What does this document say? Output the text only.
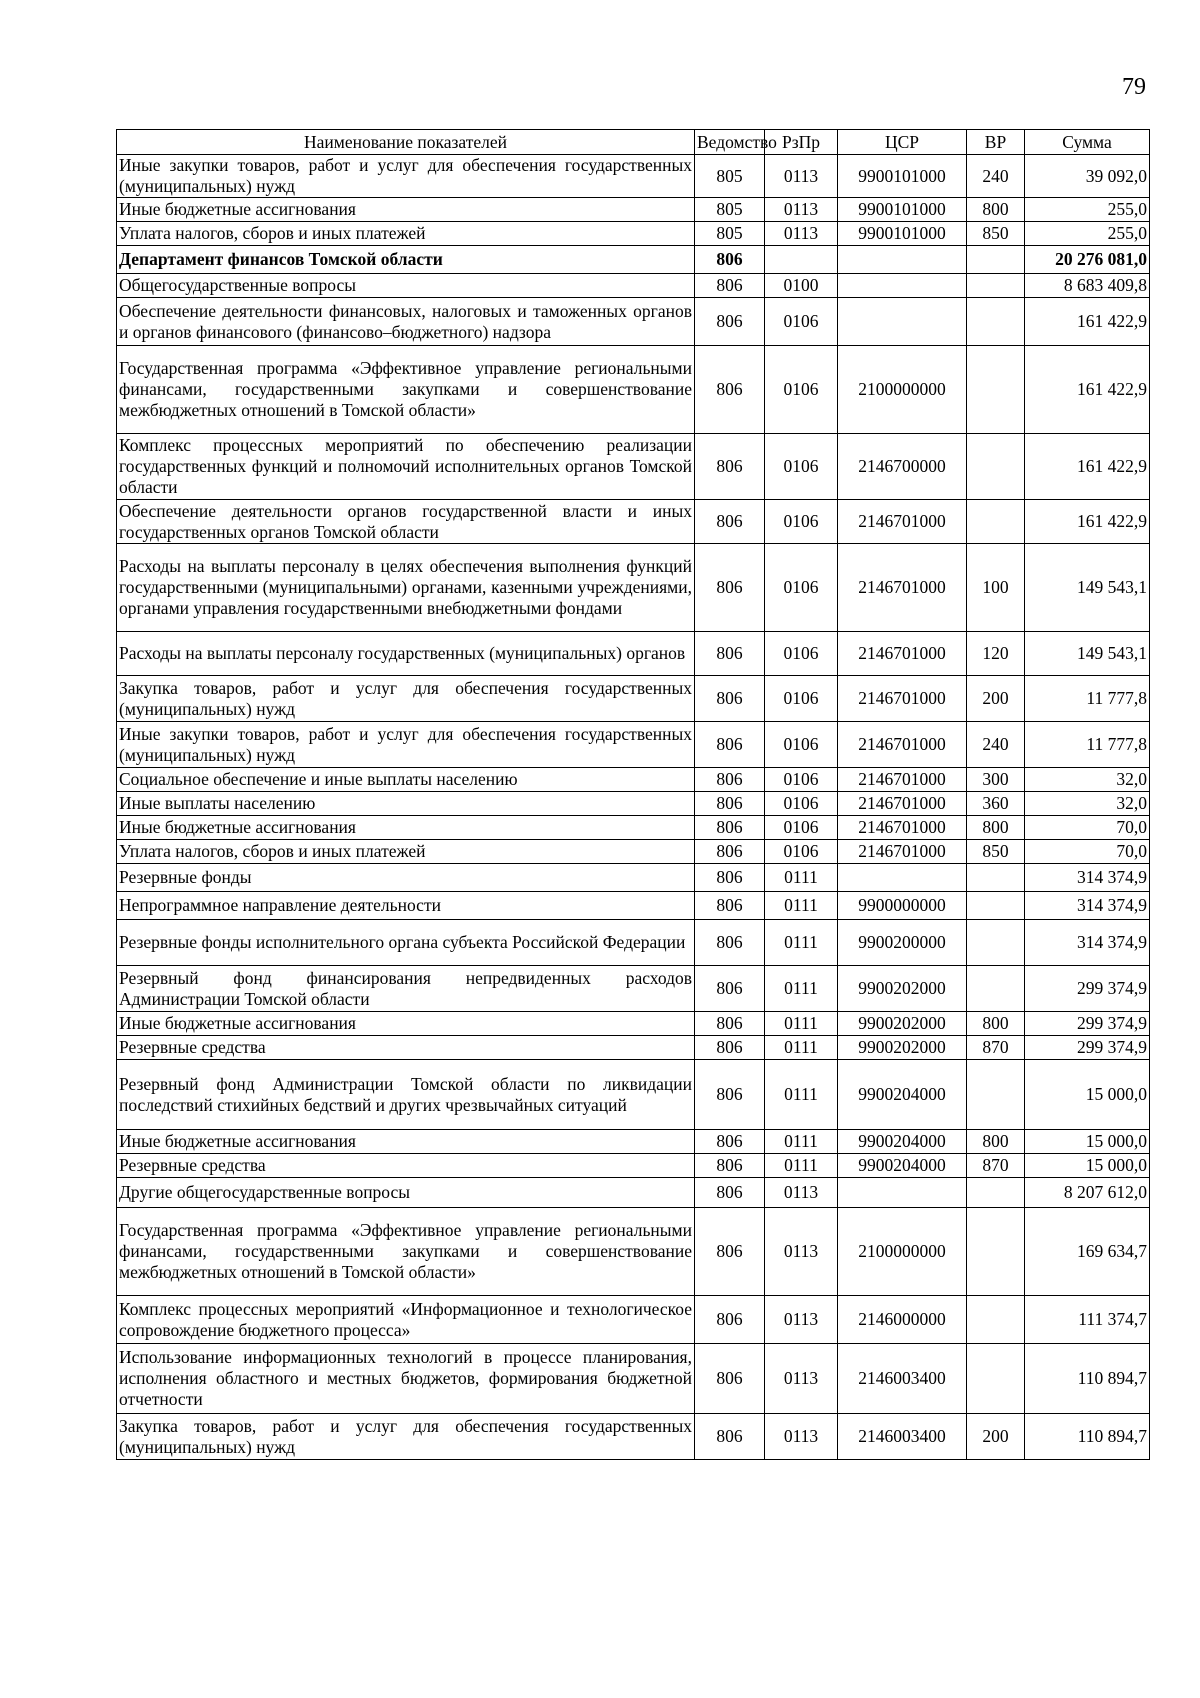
79
Наименование показателей	Ведомство	РзПр	ЦСР	ВР	Сумма
Иные закупки товаров, работ и услуг для обеспечения государственных (муниципальных) нужд	805	0113	9900101000	240	39 092,0
Иные бюджетные ассигнования	805	0113	9900101000	800	255,0
Уплата налогов, сборов и иных платежей	805	0113	9900101000	850	255,0
Департамент финансов Томской области	806				20 276 081,0
Общегосударственные вопросы	806	0100			8 683 409,8
Обеспечение деятельности финансовых, налоговых и таможенных органов и органов финансового (финансово–бюджетного) надзора	806	0106			161 422,9
Государственная программа «Эффективное управление региональными финансами, государственными закупками и совершенствование межбюджетных отношений в Томской области»	806	0106	2100000000		161 422,9
Комплекс процессных мероприятий по обеспечению реализации государственных функций и полномочий исполнительных органов Томской области	806	0106	2146700000		161 422,9
Обеспечение деятельности органов государственной власти и иных государственных органов Томской области	806	0106	2146701000		161 422,9
Расходы на выплаты персоналу в целях обеспечения выполнения функций государственными (муниципальными) органами, казенными учреждениями, органами управления государственными внебюджетными фондами	806	0106	2146701000	100	149 543,1
Расходы на выплаты персоналу государственных (муниципальных) органов	806	0106	2146701000	120	149 543,1
Закупка товаров, работ и услуг для обеспечения государственных (муниципальных) нужд	806	0106	2146701000	200	11 777,8
Иные закупки товаров, работ и услуг для обеспечения государственных (муниципальных) нужд	806	0106	2146701000	240	11 777,8
Социальное обеспечение и иные выплаты населению	806	0106	2146701000	300	32,0
Иные выплаты населению	806	0106	2146701000	360	32,0
Иные бюджетные ассигнования	806	0106	2146701000	800	70,0
Уплата налогов, сборов и иных платежей	806	0106	2146701000	850	70,0
Резервные фонды	806	0111			314 374,9
Непрограммное направление деятельности	806	0111	9900000000		314 374,9
Резервные фонды исполнительного органа субъекта Российской Федерации	806	0111	9900200000		314 374,9
Резервный фонд финансирования непредвиденных расходов Администрации Томской области	806	0111	9900202000		299 374,9
Иные бюджетные ассигнования	806	0111	9900202000	800	299 374,9
Резервные средства	806	0111	9900202000	870	299 374,9
Резервный фонд Администрации Томской области по ликвидации последствий стихийных бедствий и других чрезвычайных ситуаций	806	0111	9900204000		15 000,0
Иные бюджетные ассигнования	806	0111	9900204000	800	15 000,0
Резервные средства	806	0111	9900204000	870	15 000,0
Другие общегосударственные вопросы	806	0113			8 207 612,0
Государственная программа «Эффективное управление региональными финансами, государственными закупками и совершенствование межбюджетных отношений в Томской области»	806	0113	2100000000		169 634,7
Комплекс процессных мероприятий «Информационное и технологическое сопровождение бюджетного процесса»	806	0113	2146000000		111 374,7
Использование информационных технологий в процессе планирования, исполнения областного и местных бюджетов, формирования бюджетной отчетности	806	0113	2146003400		110 894,7
Закупка товаров, работ и услуг для обеспечения государственных (муниципальных) нужд	806	0113	2146003400	200	110 894,7
